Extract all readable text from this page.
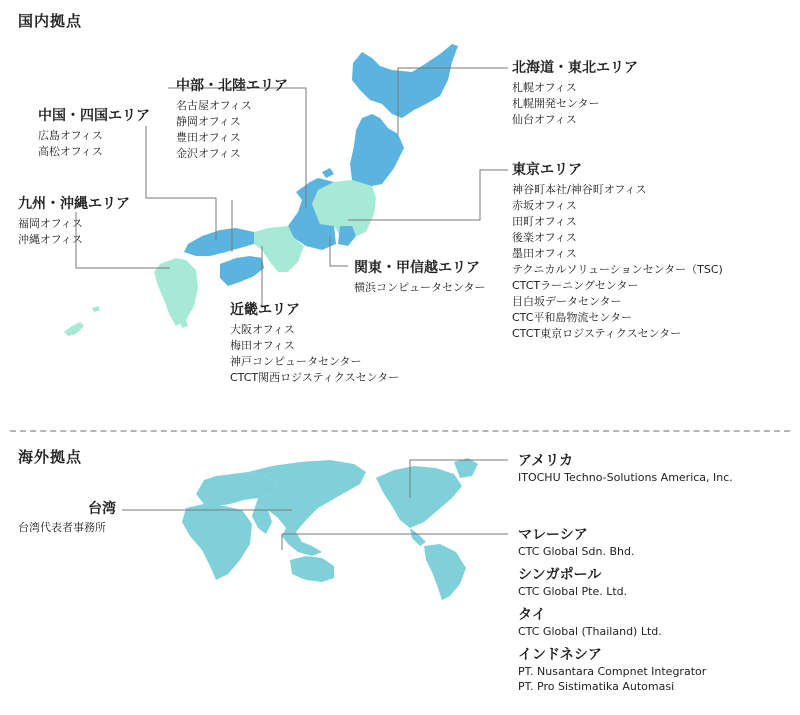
国内拠点
北海道・東北エリア
札幌オフィス
札幌開発センター
仙台オフィス
中部・北陸エリア
名古屋オフィス
静岡オフィス
豊田オフィス
金沢オフィス
中国・四国エリア
広島オフィス
高松オフィス
九州・沖縄エリア
福岡オフィス
沖縄オフィス
東京エリア
神谷町本社/神谷町オフィス
赤坂オフィス
田町オフィス
後楽オフィス
墨田オフィス
テクニカルソリューションセンター（TSC)
CTCTラーニングセンター
目白坂データセンター
CTC平和島物流センター
CTCT東京ロジスティクスセンター
関東・甲信越エリア
横浜コンピュータセンター
近畿エリア
大阪オフィス
梅田オフィス
神戸コンピュータセンター
CTCT関西ロジスティクスセンター
海外拠点
台湾
台湾代表者事務所
アメリカ
ITOCHU Techno-Solutions America, Inc.
マレーシア
CTC Global Sdn. Bhd.
シンガポール
CTC Global Pte. Ltd.
タイ
CTC Global (Thailand) Ltd.
インドネシア
PT. Nusantara Compnet Integrator
PT. Pro Sistimatika Automasi
